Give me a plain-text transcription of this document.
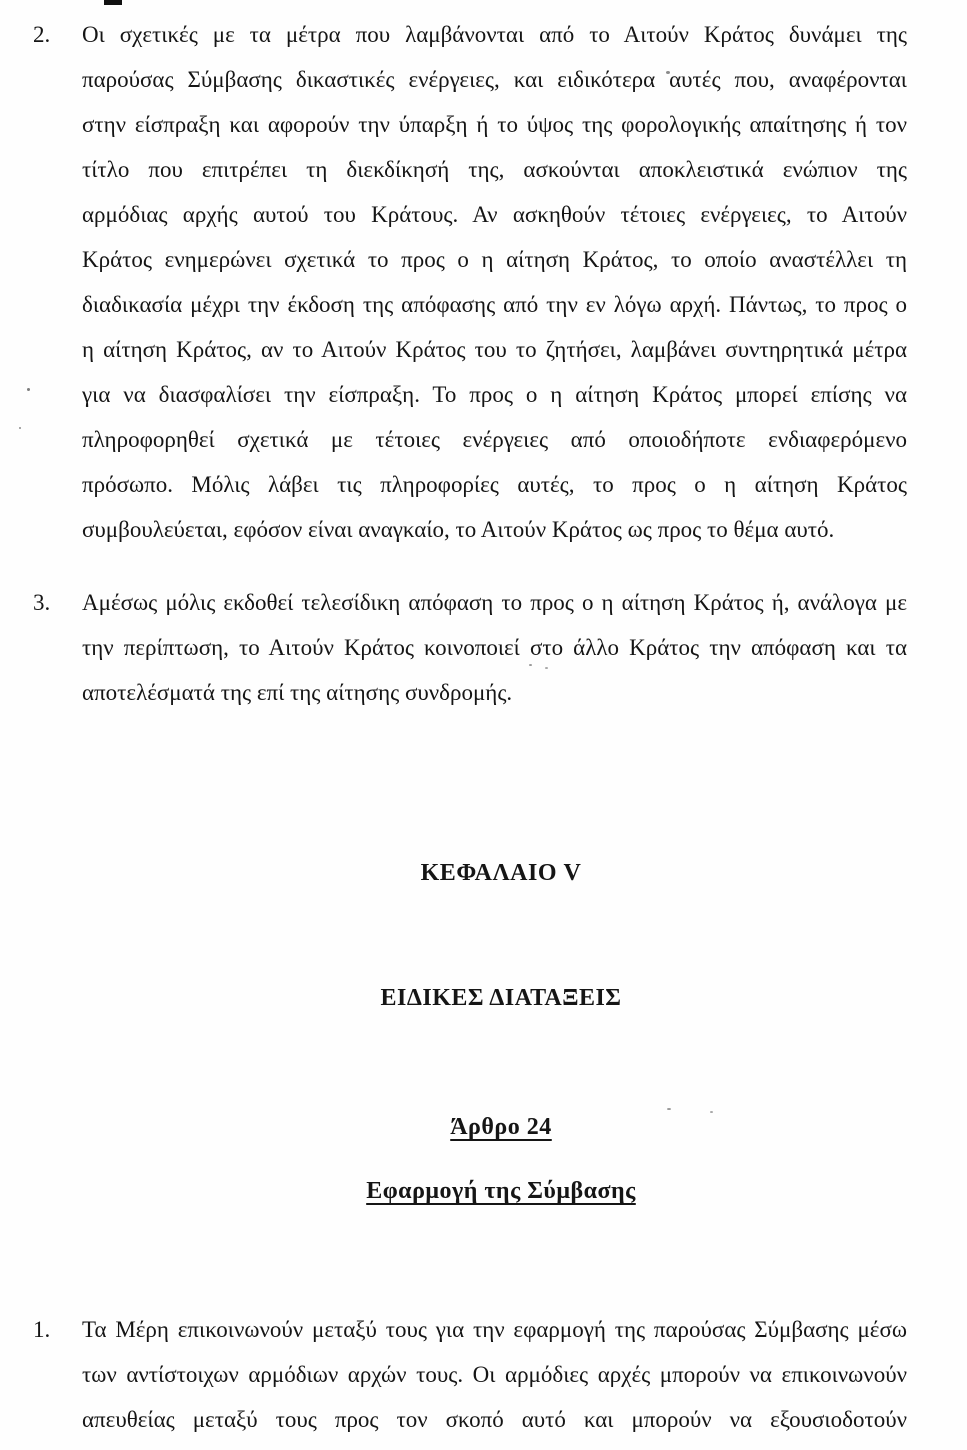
2.	Οι σχετικές με τα μέτρα που λαμβάνονται από το Αιτούν Κράτος δυνάμει της
παρούσας Σύμβασης δικαστικές ενέργειες, και ειδικότερα αυτές που, αναφέρονται
στην είσπραξη και αφορούν την ύπαρξη ή το ύψος της φορολογικής απαίτησης ή τον
τίτλο που επιτρέπει τη διεκδίκησή της, ασκούνται αποκλειστικά ενώπιον της
αρμόδιας αρχής αυτού του Κράτους. Αν ασκηθούν τέτοιες ενέργειες, το Αιτούν
Κράτος ενημερώνει σχετικά το προς ο η αίτηση Κράτος, το οποίο αναστέλλει τη
διαδικασία μέχρι την έκδοση της απόφασης από την εν λόγω αρχή. Πάντως, το προς ο
η αίτηση Κράτος, αν το Αιτούν Κράτος του το ζητήσει, λαμβάνει συντηρητικά μέτρα
για να διασφαλίσει την είσπραξη. Το προς ο η αίτηση Κράτος μπορεί επίσης να
πληροφορηθεί σχετικά με τέτοιες ενέργειες από οποιοδήποτε ενδιαφερόμενο
πρόσωπο. Μόλις λάβει τις πληροφορίες αυτές, το προς ο η αίτηση Κράτος
συμβουλεύεται, εφόσον είναι αναγκαίο, το Αιτούν Κράτος ως προς το θέμα αυτό.
3.	Αμέσως μόλις εκδοθεί τελεσίδικη απόφαση το προς ο η αίτηση Κράτος ή, ανάλογα με
την περίπτωση, το Αιτούν Κράτος κοινοποιεί στο άλλο Κράτος την απόφαση και τα
αποτελέσματά της επί της αίτησης συνδρομής.
ΚΕΦΑΛΑΙΟ V
ΕΙΔΙΚΕΣ ΔΙΑΤΑΞΕΙΣ
Άρθρο 24
Εφαρμογή της Σύμβασης
1.	Τα Μέρη επικοινωνούν μεταξύ τους για την εφαρμογή της παρούσας Σύμβασης μέσω
των αντίστοιχων αρμόδιων αρχών τους. Οι αρμόδιες αρχές μπορούν να επικοινωνούν
απευθείας μεταξύ τους προς τον σκοπό αυτό και μπορούν να εξουσιοδοτούν
